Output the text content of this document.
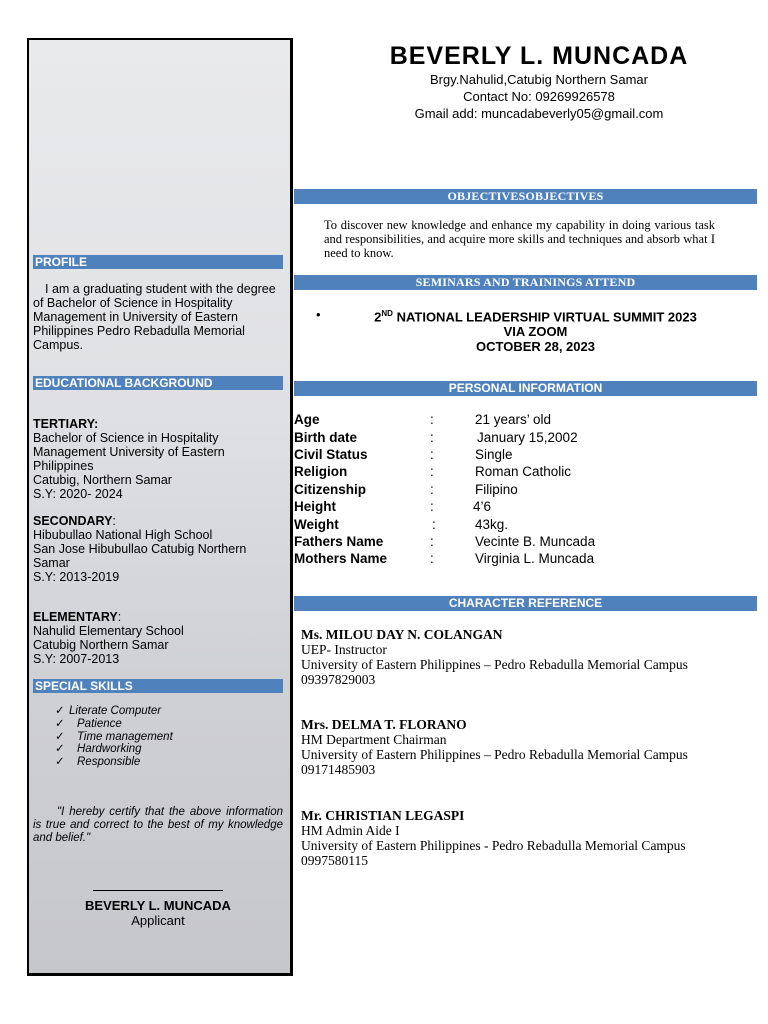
PROFILE
I am a graduating student with the degree of Bachelor of Science in Hospitality Management in University of Eastern Philippines Pedro Rebadulla Memorial Campus.
EDUCATIONAL BACKGROUND
TERTIARY:
Bachelor of Science in Hospitality
Management University of Eastern
Philippines
Catubig, Northern Samar
S.Y: 2020- 2024
SECONDARY:
Hibubullao National High School
San Jose Hibubullao Catubig Northern
Samar
S.Y: 2013-2019
ELEMENTARY:
Nahulid Elementary School
Catubig Northern Samar
S.Y: 2007-2013
SPECIAL SKILLS
✓ Literate Computer
✓ Patience
✓ Time management
✓ Hardworking
✓ Responsible
"I hereby certify that the above information is true and correct to the best of my knowledge and belief."
BEVERLY L. MUNCADA
Applicant
BEVERLY L. MUNCADA
Brgy.Nahulid,Catubig Northern Samar
Contact No: 09269926578
Gmail add: muncadabeverly05@gmail.com
OBJECTIVESOBJECTIVES
To discover new knowledge and enhance my capability in doing various task and responsibilities, and acquire more skills and techniques and absorb what I need to know.
SEMINARS AND TRAININGS ATTEND
•	2ND NATIONAL LEADERSHIP VIRTUAL SUMMIT 2023
VIA ZOOM
OCTOBER 28, 2023
PERSONAL INFORMATION
Age	:	21 years’ old
Birth date	:	January 15,2002
Civil Status	:	Single
Religion	:	Roman Catholic
Citizenship	:	Filipino
Height	:	4’6
Weight	:	43kg.
Fathers Name	:	Vecinte B. Muncada
Mothers Name	:	Virginia L. Muncada
CHARACTER REFERENCE
Ms. MILOU DAY N. COLANGAN
UEP- Instructor
University of Eastern Philippines – Pedro Rebadulla Memorial Campus
09397829003
Mrs. DELMA T. FLORANO
HM Department Chairman
University of Eastern Philippines – Pedro Rebadulla Memorial Campus
09171485903
Mr. CHRISTIAN LEGASPI
HM Admin Aide I
University of Eastern Philippines - Pedro Rebadulla Memorial Campus
0997580115
